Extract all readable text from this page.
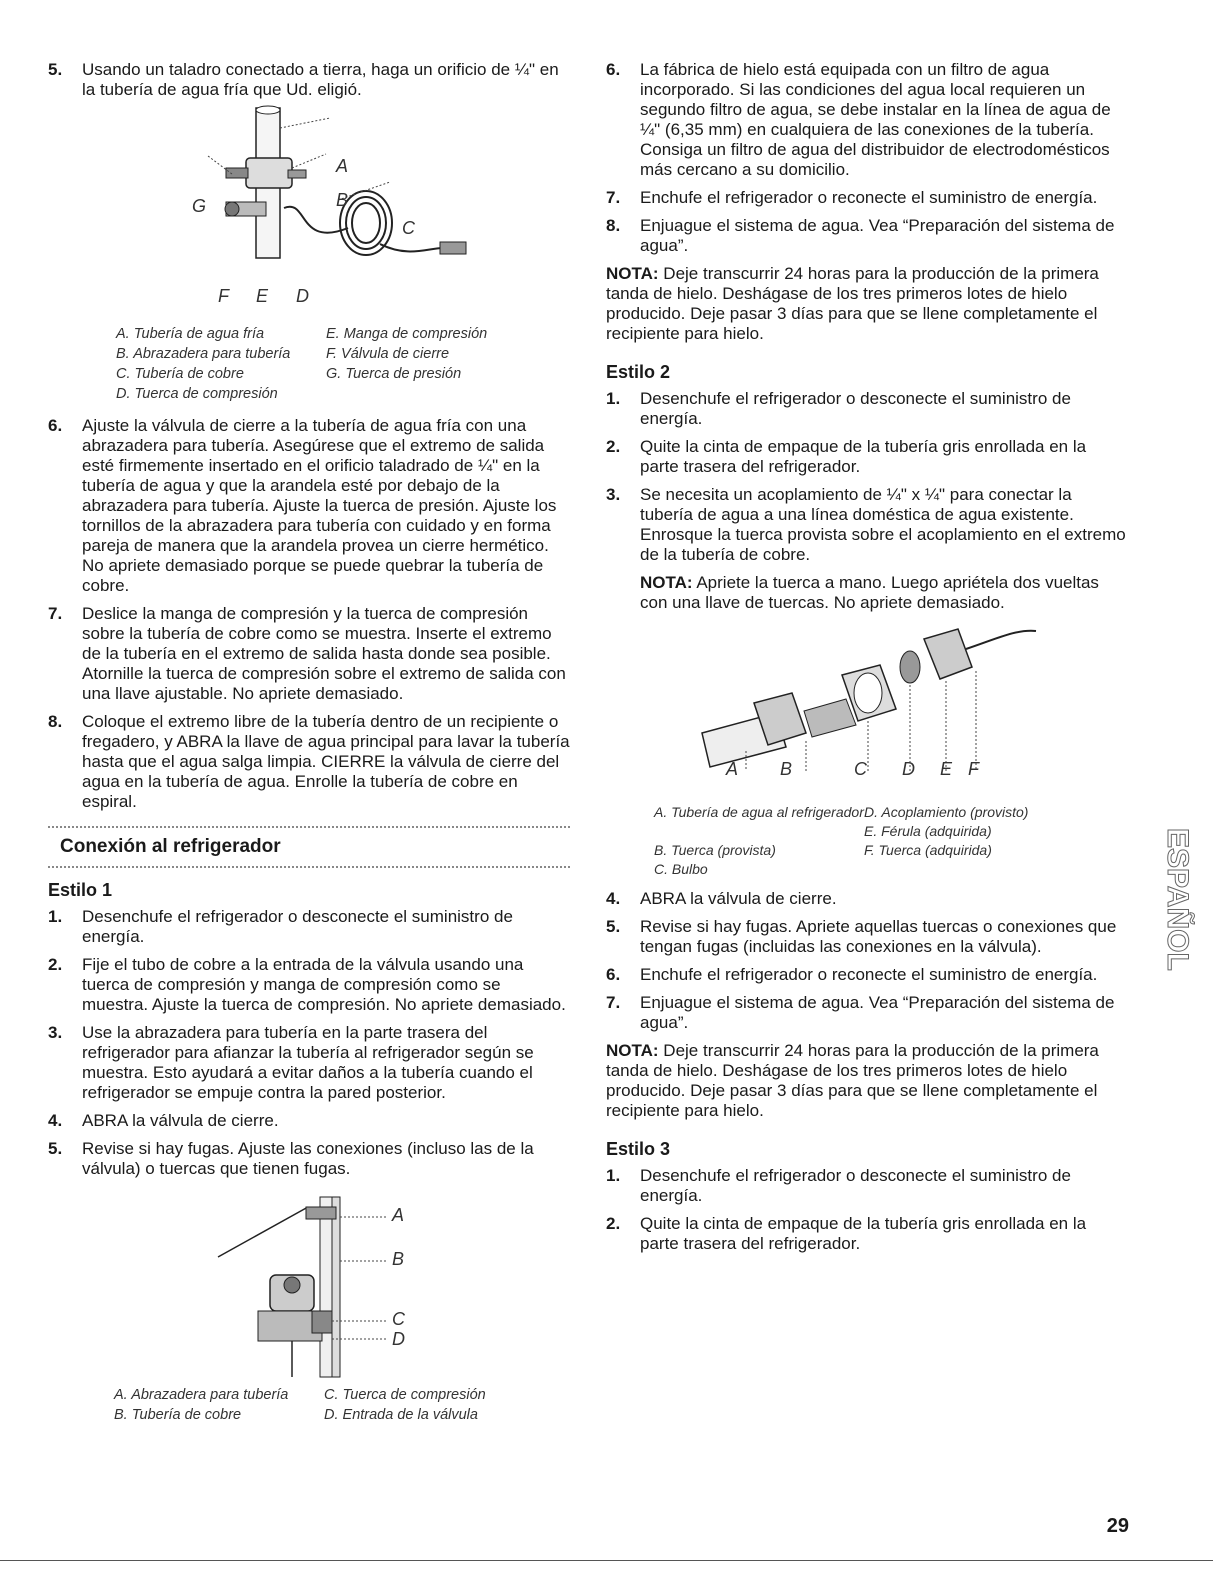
5. Usando un taladro conectado a tierra, haga un orificio de ¼" en la tubería de agua fría que Ud. eligió.
A
B
C
G
F E D
A. Tubería de agua fría	E. Manga de compresión
B. Abrazadera para tubería	F. Válvula de cierre
C. Tubería de cobre	G. Tuerca de presión
D. Tuerca de compresión
6. Ajuste la válvula de cierre a la tubería de agua fría con una abrazadera para tubería. Asegúrese que el extremo de salida esté firmemente insertado en el orificio taladrado de ¼" en la tubería de agua y que la arandela esté por debajo de la abrazadera para tubería. Ajuste la tuerca de presión. Ajuste los tornillos de la abrazadera para tubería con cuidado y en forma pareja de manera que la arandela provea un cierre hermético. No apriete demasiado porque se puede quebrar la tubería de cobre.
7. Deslice la manga de compresión y la tuerca de compresión sobre la tubería de cobre como se muestra. Inserte el extremo de la tubería en el extremo de salida hasta donde sea posible. Atornille la tuerca de compresión sobre el extremo de salida con una llave ajustable. No apriete demasiado.
8. Coloque el extremo libre de la tubería dentro de un recipiente o fregadero, y ABRA la llave de agua principal para lavar la tubería hasta que el agua salga limpia. CIERRE la válvula de cierre del agua en la tubería de agua. Enrolle la tubería de cobre en espiral.
Conexión al refrigerador
Estilo 1
1. Desenchufe el refrigerador o desconecte el suministro de energía.
2. Fije el tubo de cobre a la entrada de la válvula usando una tuerca de compresión y manga de compresión como se muestra. Ajuste la tuerca de compresión. No apriete demasiado.
3. Use la abrazadera para tubería en la parte trasera del refrigerador para afianzar la tubería al refrigerador según se muestra. Esto ayudará a evitar daños a la tubería cuando el refrigerador se empuje contra la pared posterior.
4. ABRA la válvula de cierre.
5. Revise si hay fugas. Ajuste las conexiones (incluso las de la válvula) o tuercas que tienen fugas.
A
B
C
D
A. Abrazadera para tubería	C. Tuerca de compresión
B. Tubería de cobre	D. Entrada de la válvula
6. La fábrica de hielo está equipada con un filtro de agua incorporado. Si las condiciones del agua local requieren un segundo filtro de agua, se debe instalar en la línea de agua de ¼" (6,35 mm) en cualquiera de las conexiones de la tubería. Consiga un filtro de agua del distribuidor de electrodomésticos más cercano a su domicilio.
7. Enchufe el refrigerador o reconecte el suministro de energía.
8. Enjuague el sistema de agua. Vea “Preparación del sistema de agua”.
NOTA: Deje transcurrir 24 horas para la producción de la primera tanda de hielo. Deshágase de los tres primeros lotes de hielo producido. Deje pasar 3 días para que se llene completamente el recipiente para hielo.
Estilo 2
1. Desenchufe el refrigerador o desconecte el suministro de energía.
2. Quite la cinta de empaque de la tubería gris enrollada en la parte trasera del refrigerador.
3. Se necesita un acoplamiento de ¼" x ¼" para conectar la tubería de agua a una línea doméstica de agua existente. Enrosque la tuerca provista sobre el acoplamiento en el extremo de la tubería de cobre.
NOTA: Apriete la tuerca a mano. Luego apriétela dos vueltas con una llave de tuercas. No apriete demasiado.
A B	C D E F
A. Tubería de agua al refrigerador D. Acoplamiento (provisto)
E. Férula (adquirida)
B. Tuerca (provista)	F. Tuerca (adquirida)
C. Bulbo
4. ABRA la válvula de cierre.
5. Revise si hay fugas. Apriete aquellas tuercas o conexiones que tengan fugas (incluidas las conexiones en la válvula).
6. Enchufe el refrigerador o reconecte el suministro de energía.
7. Enjuague el sistema de agua. Vea “Preparación del sistema de agua”.
NOTA: Deje transcurrir 24 horas para la producción de la primera tanda de hielo. Deshágase de los tres primeros lotes de hielo producido. Deje pasar 3 días para que se llene completamente el recipiente para hielo.
Estilo 3
1. Desenchufe el refrigerador o desconecte el suministro de energía.
2. Quite la cinta de empaque de la tubería gris enrollada en la parte trasera del refrigerador.
ESPAÑOL
29
